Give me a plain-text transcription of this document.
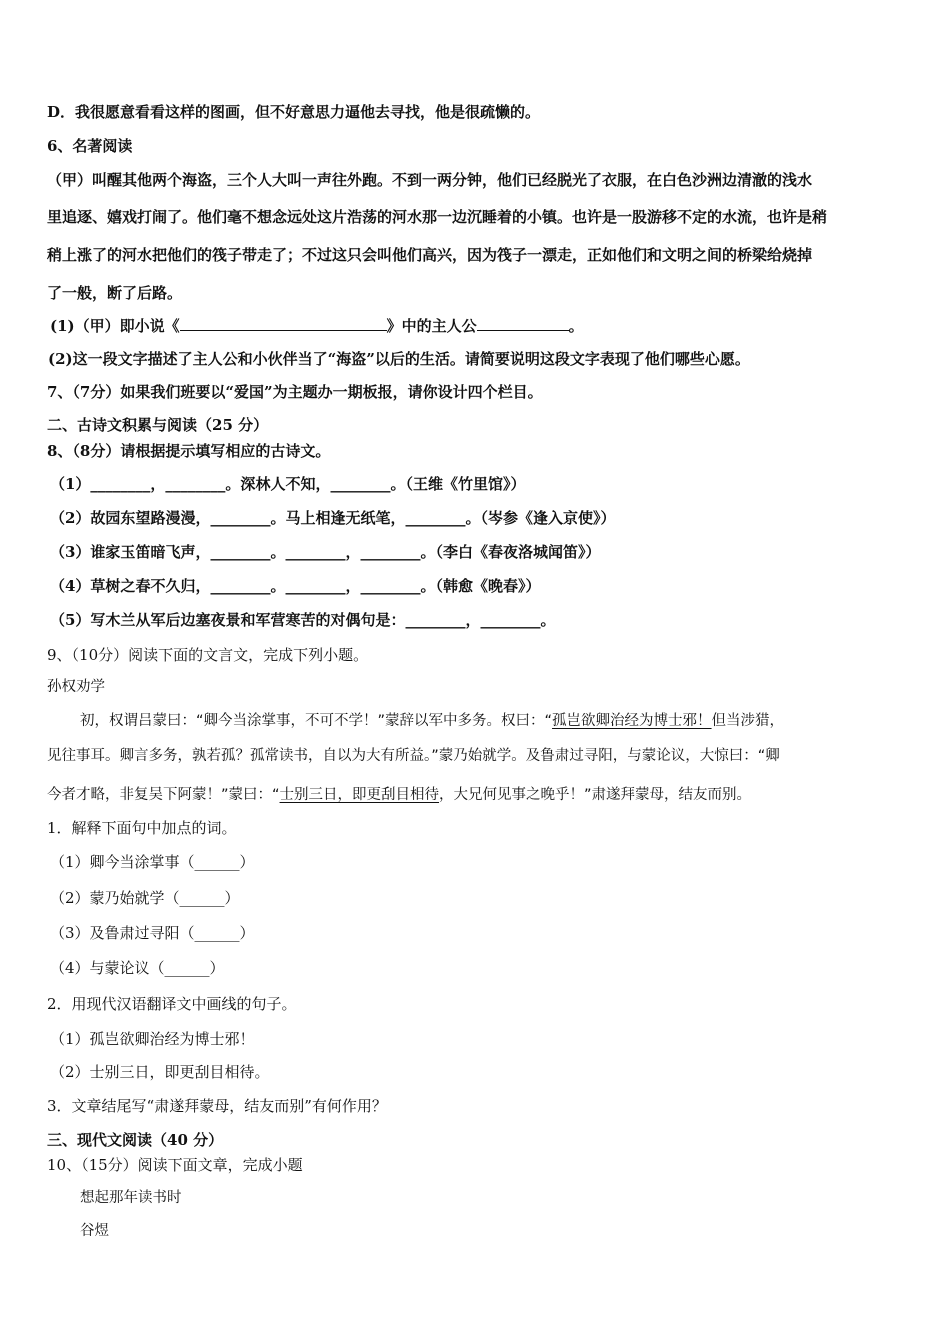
D．我很愿意看看这样的图画，但不好意思力逼他去寻找，他是很疏懒的。
6、名著阅读
（甲）叫醒其他两个海盗，三个人大叫一声往外跑。不到一两分钟，他们已经脱光了衣服，在白色沙洲边清澈的浅水
里追逐、嬉戏打闹了。他们毫不想念远处这片浩荡的河水那一边沉睡着的小镇。也许是一股游移不定的水流，也许是稍
稍上涨了的河水把他们的筏子带走了；不过这只会叫他们高兴，因为筏子一漂走，正如他们和文明之间的桥梁给烧掉
了一般，断了后路。
(1)（甲）即小说《	》中的主人公	。
(2)这一段文字描述了主人公和小伙伴当了“海盗”以后的生活。请简要说明这段文字表现了他们哪些心愿。
7、（7分）如果我们班要以“爱国”为主题办一期板报，请你设计四个栏目。
二、古诗文积累与阅读（25 分）
8、（8分）请根据提示填写相应的古诗文。
（1）________，________。深林人不知，________。（王维《竹里馆》）
（2）故园东望路漫漫，________。马上相逢无纸笔，________。（岑参《逢入京使》）
（3）谁家玉笛暗飞声，________。________，________。（李白《春夜洛城闻笛》）
（4）草树之春不久归，________。________，________。（韩愈《晚春》）
（5）写木兰从军后边塞夜景和军营寒苦的对偶句是：________，________。
9、（10分）阅读下面的文言文，完成下列小题。
孙权劝学
初，权谓吕蒙曰：“卿今当涂掌事，不可不学！”蒙辞以军中多务。权曰：“孤岂欲卿治经为博士邪！但当涉猎，
见往事耳。卿言多务，孰若孤？孤常读书，自以为大有所益。”蒙乃始就学。及鲁肃过寻阳，与蒙论议，大惊曰：“卿
今者才略，非复吴下阿蒙！”蒙曰：“士别三日，即更刮目相待，大兄何见事之晚乎！”肃遂拜蒙母，结友而别。
1．解释下面句中加点的词。
（1）卿今当涂掌事（______）
（2）蒙乃始就学（______）
（3）及鲁肃过寻阳（______）
（4）与蒙论议（______）
2．用现代汉语翻译文中画线的句子。
（1）孤岂欲卿治经为博士邪！
（2）士别三日，即更刮目相待。
3．文章结尾写“肃遂拜蒙母，结友而别”有何作用？
三、现代文阅读（40 分）
10、（15分）阅读下面文章，完成小题
想起那年读书时
谷煜
